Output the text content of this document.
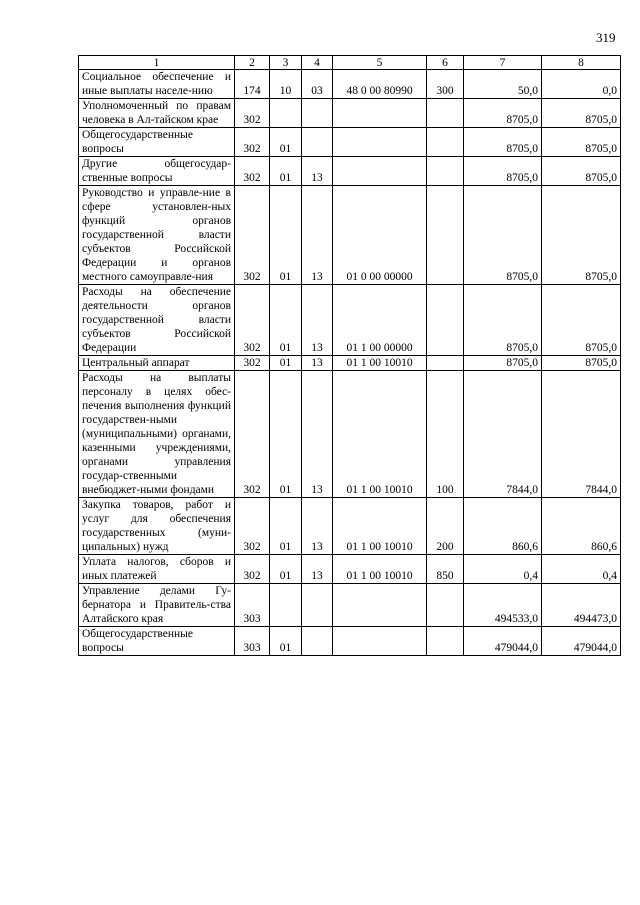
319
1	2	3	4	5	6	7	8
Социальное обеспечение и иные выплаты населе-нию	174	10	03	48 0 00 80990	300	50,0	0,0
Уполномоченный по правам человека в Ал-тайском крае	302					8705,0	8705,0
Общегосударственные вопросы	302	01				8705,0	8705,0
Другие общегосудар-ственные вопросы	302	01	13			8705,0	8705,0
Руководство и управле-ние в сфере установлен-ных функций органов государственной власти субъектов Российской Федерации и органов местного самоуправле-ния	302	01	13	01 0 00 00000		8705,0	8705,0
Расходы на обеспечение деятельности органов государственной власти субъектов Российской Федерации	302	01	13	01 1 00 00000		8705,0	8705,0
Центральный аппарат	302	01	13	01 1 00 10010		8705,0	8705,0
Расходы на выплаты персоналу в целях обес-печения выполнения функций государствен-ными (муниципальными) органами, казенными учреждениями, органами управления государ-ственными внебюджет-ными фондами	302	01	13	01 1 00 10010	100	7844,0	7844,0
Закупка товаров, работ и услуг для обеспечения государственных (муни-ципальных) нужд	302	01	13	01 1 00 10010	200	860,6	860,6
Уплата налогов, сборов и иных платежей	302	01	13	01 1 00 10010	850	0,4	0,4
Управление делами Гу-бернатора и Правитель-ства Алтайского края	303					494533,0	494473,0
Общегосударственные вопросы	303	01				479044,0	479044,0
